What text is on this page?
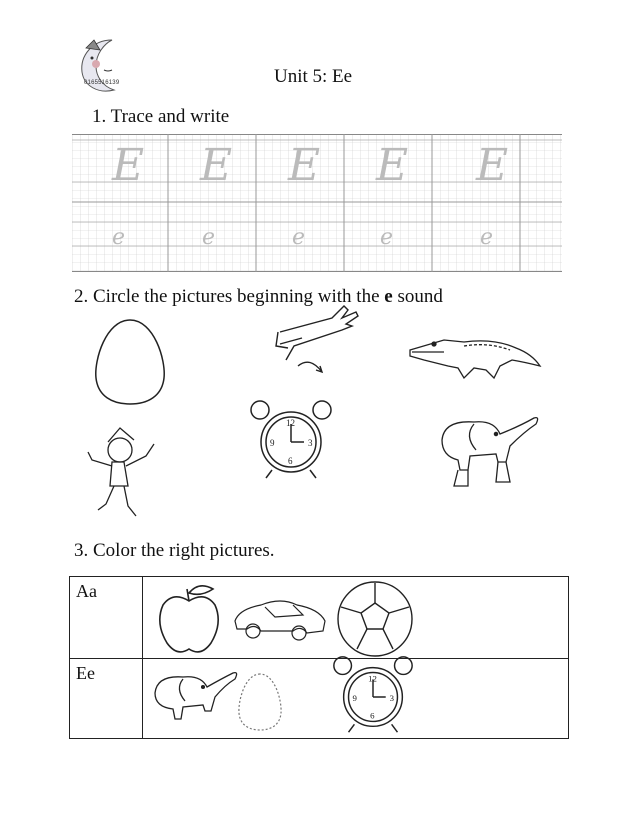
0165516139	Unit 5: Ee
1. Trace and write
E E E E E
e	e	e	e	e
2. Circle the pictures beginning with the e sound
12
9	3
6
3. Color the right pictures.
Aa	

Ee	12
9 3
6
